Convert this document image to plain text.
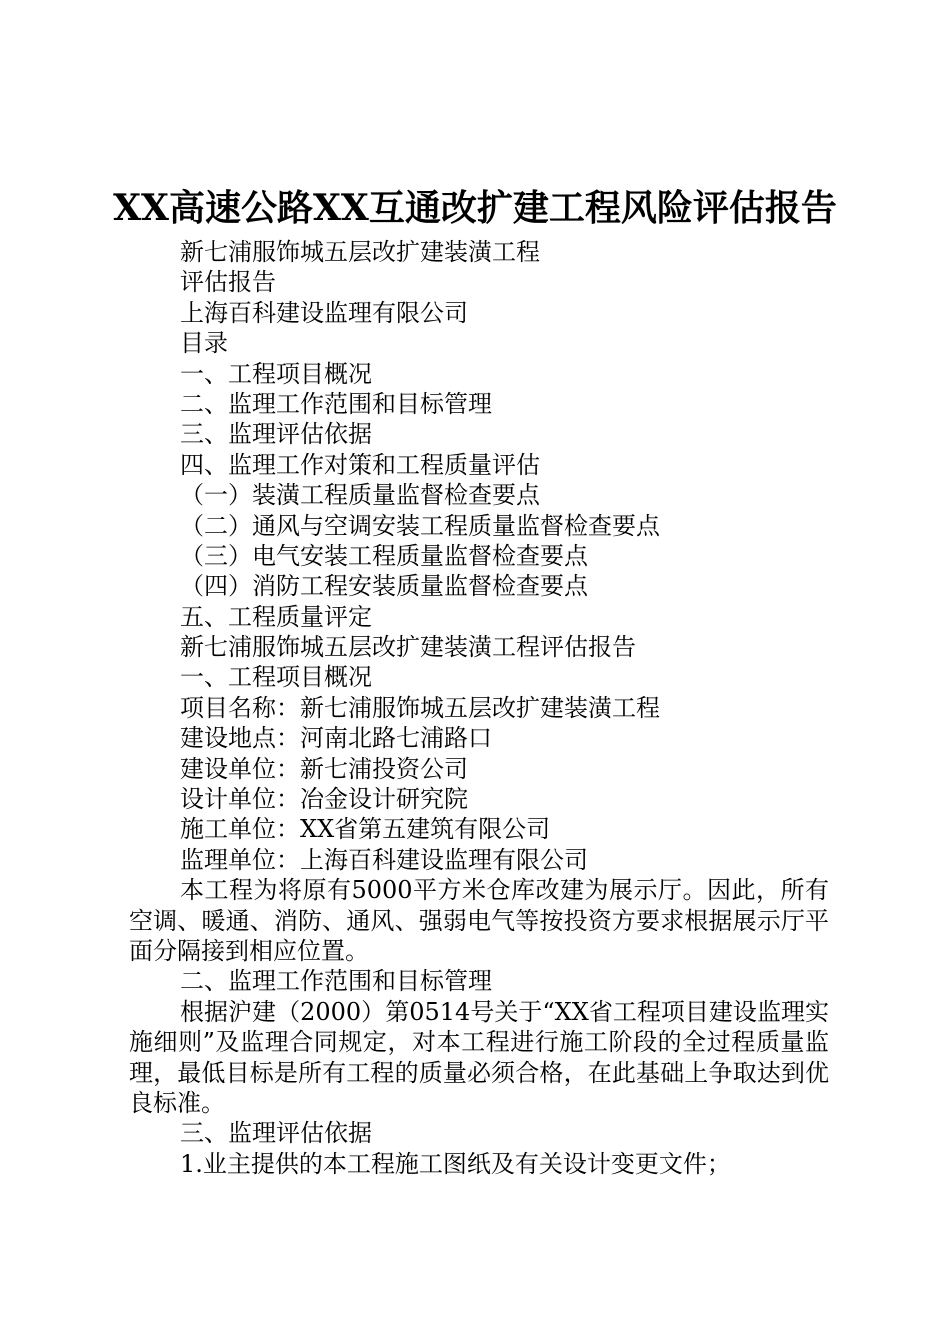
XX高速公路XX互通改扩建工程风险评估报告
新七浦服饰城五层改扩建装潢工程
评估报告
上海百科建设监理有限公司
目录
一、工程项目概况
二、监理工作范围和目标管理
三、监理评估依据
四、监理工作对策和工程质量评估
（一）装潢工程质量监督检查要点
（二）通风与空调安装工程质量监督检查要点
（三）电气安装工程质量监督检查要点
（四）消防工程安装质量监督检查要点
五、工程质量评定
新七浦服饰城五层改扩建装潢工程评估报告
一、工程项目概况
项目名称：新七浦服饰城五层改扩建装潢工程
建设地点：河南北路七浦路口
建设单位：新七浦投资公司
设计单位：冶金设计研究院
施工单位：XX省第五建筑有限公司
监理单位：上海百科建设监理有限公司
本工程为将原有5000平方米仓库改建为展示厅。因此，所有空调、暖通、消防、通风、强弱电气等按投资方要求根据展示厅平面分隔接到相应位置。
二、监理工作范围和目标管理
根据沪建（2000）第0514号关于“XX省工程项目建设监理实施细则”及监理合同规定，对本工程进行施工阶段的全过程质量监理，最低目标是所有工程的质量必须合格，在此基础上争取达到优良标准。
三、监理评估依据
1.业主提供的本工程施工图纸及有关设计变更文件；
